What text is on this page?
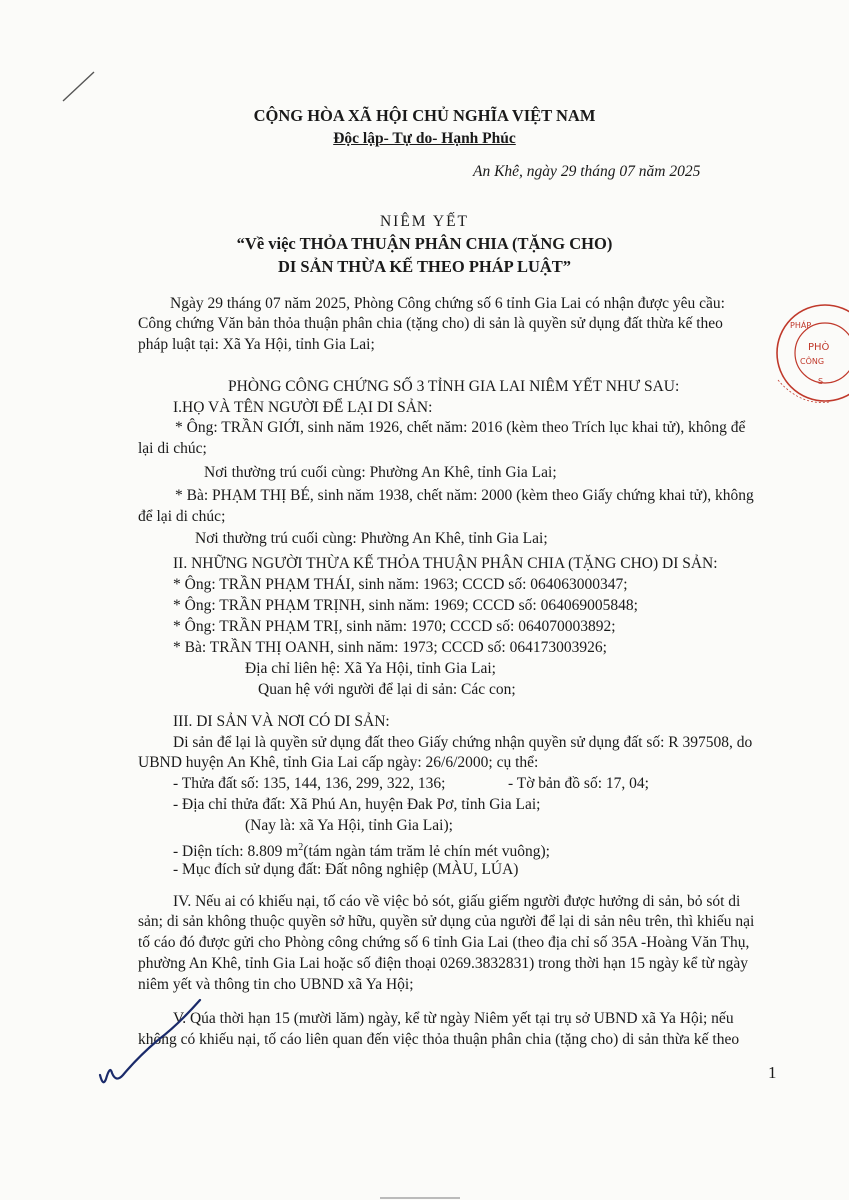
CỘNG HÒA XÃ HỘI CHỦ NGHĨA VIỆT NAM
Độc lập- Tự do- Hạnh Phúc
An Khê, ngày 29 tháng 07 năm 2025
NIÊM YẾT
“Về việc THỎA THUẬN PHÂN CHIA (TẶNG CHO)
DI SẢN THỪA KẾ THEO PHÁP LUẬT”
Ngày 29 tháng 07 năm 2025, Phòng Công chứng số 6 tỉnh Gia Lai có nhận được yêu cầu:
Công chứng Văn bản thỏa thuận phân chia (tặng cho) di sản là quyền sử dụng đất thừa kế theo
pháp luật tại: Xã Ya Hội, tỉnh Gia Lai;
PHÁP
PHÒ
CÔNG
S
PHÒNG CÔNG CHỨNG SỐ 3 TỈNH GIA LAI NIÊM YẾT NHƯ SAU:
I.HỌ VÀ TÊN NGƯỜI ĐỂ LẠI DI SẢN:
* Ông: TRẦN GIỚI, sinh năm 1926, chết năm: 2016 (kèm theo Trích lục khai tử), không để
lại di chúc;
Nơi thường trú cuối cùng: Phường An Khê, tỉnh Gia Lai;
* Bà: PHẠM THỊ BÉ, sinh năm 1938, chết năm: 2000 (kèm theo Giấy chứng khai tử), không
để lại di chúc;
Nơi thường trú cuối cùng: Phường An Khê, tỉnh Gia Lai;
II. NHỮNG NGƯỜI THỪA KẾ THỎA THUẬN PHÂN CHIA (TẶNG CHO) DI SẢN:
* Ông: TRẦN PHẠM THÁI, sinh năm: 1963; CCCD số: 064063000347;
* Ông: TRẦN PHẠM TRỊNH, sinh năm: 1969; CCCD số: 064069005848;
* Ông: TRẦN PHẠM TRỊ, sinh năm: 1970; CCCD số: 064070003892;
* Bà: TRẦN THỊ OANH, sinh năm: 1973; CCCD số: 064173003926;
Địa chỉ liên hệ: Xã Ya Hội, tỉnh Gia Lai;
Quan hệ với người để lại di sản: Các con;
III. DI SẢN VÀ NƠI CÓ DI SẢN:
Di sản để lại là quyền sử dụng đất theo Giấy chứng nhận quyền sử dụng đất số: R 397508, do
UBND huyện An Khê, tỉnh Gia Lai cấp ngày: 26/6/2000; cụ thể:
- Thửa đất số: 135, 144, 136, 299, 322, 136;	- Tờ bản đồ số: 17, 04;
- Địa chỉ thửa đất: Xã Phú An, huyện Đak Pơ, tỉnh Gia Lai;
(Nay là: xã Ya Hội, tỉnh Gia Lai);
- Diện tích: 8.809 $m^2(tám$ ngàn tám trăm lẻ chín mét vuông);
- Mục đích sử dụng đất: Đất nông nghiệp (MÀU, LÚA)
IV. Nếu ai có khiếu nại, tố cáo về việc bỏ sót, giấu giếm người được hưởng di sản, bỏ sót di
sản; di sản không thuộc quyền sở hữu, quyền sử dụng của người để lại di sản nêu trên, thì khiếu nại
tố cáo đó được gửi cho Phòng công chứng số 6 tỉnh Gia Lai (theo địa chỉ số 35A -Hoàng Văn Thụ,
phường An Khê, tỉnh Gia Lai hoặc số điện thoại 0269.3832831) trong thời hạn 15 ngày kể từ ngày
niêm yết và thông tin cho UBND xã Ya Hội;
V. Qúa thời hạn 15 (mười lăm) ngày, kể từ ngày Niêm yết tại trụ sở UBND xã Ya Hội; nếu
không có khiếu nại, tố cáo liên quan đến việc thỏa thuận phân chia (tặng cho) di sản thừa kế theo
1
